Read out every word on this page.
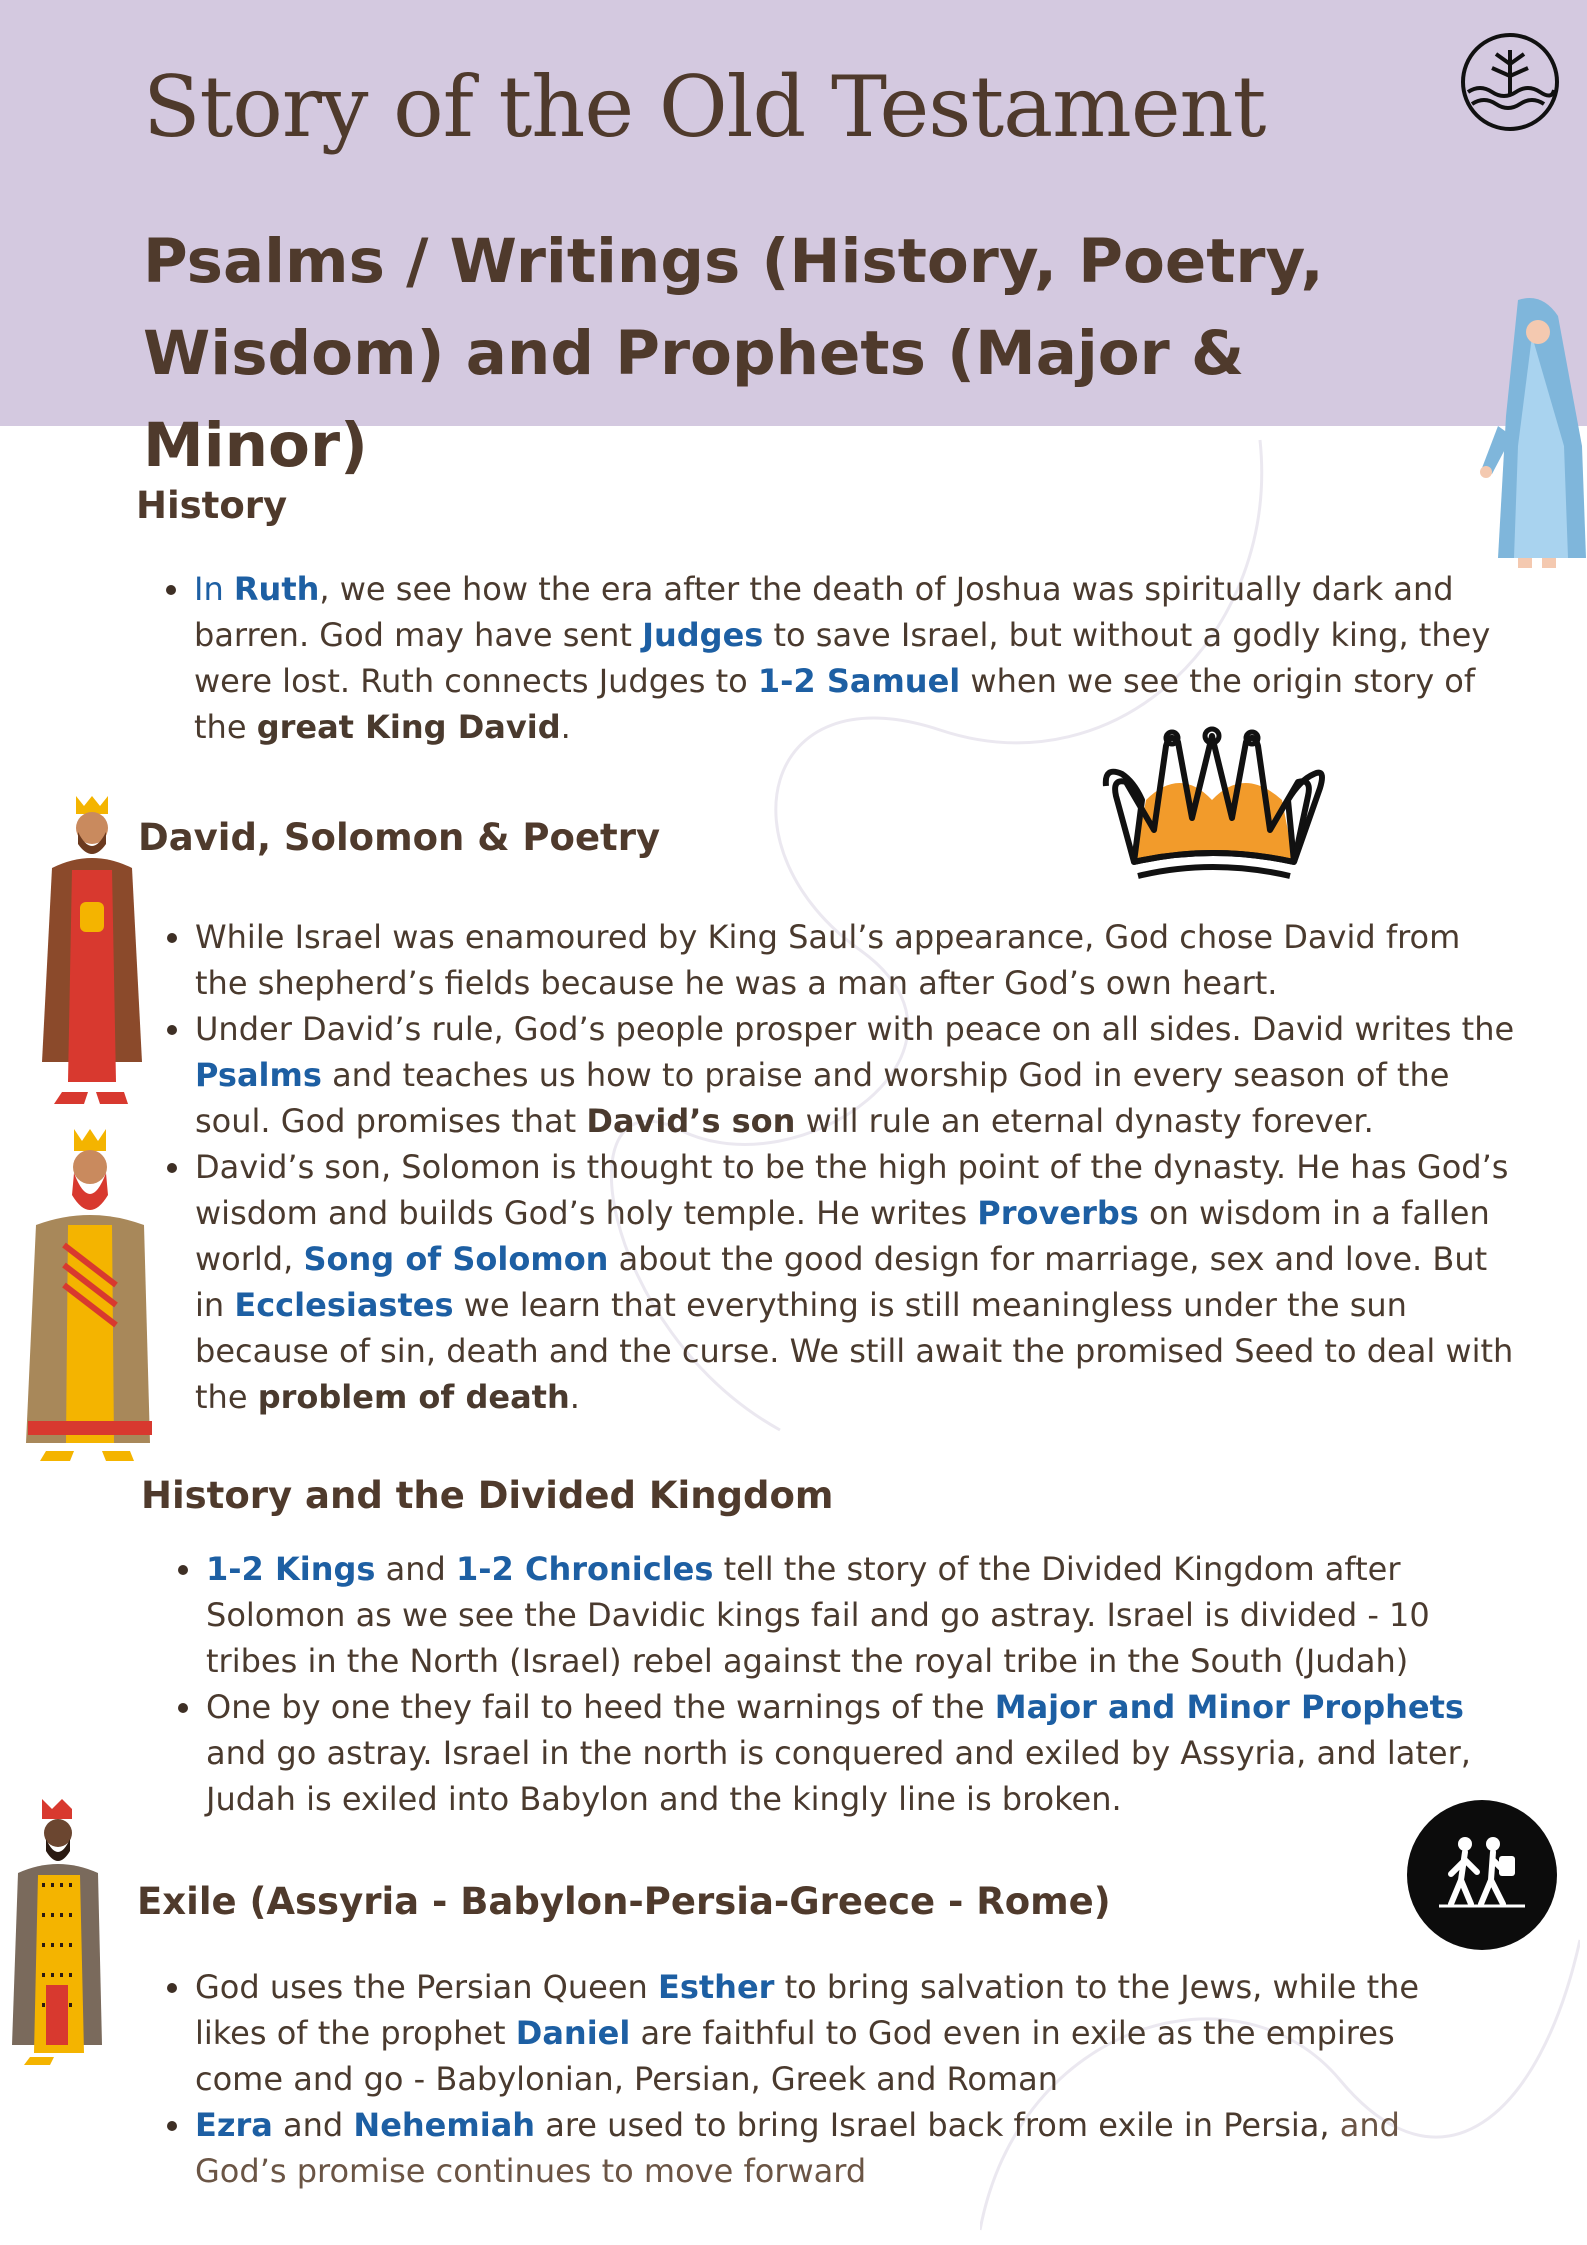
Story of the Old Testament
Psalms / Writings (History, Poetry,
Wisdom) and Prophets (Major & Minor)
History
In Ruth, we see how the era after the death of Joshua was spiritually dark and barren. God may have sent Judges to save Israel, but without a godly king, they were lost. Ruth connects Judges to 1-2 Samuel when we see the origin story of the great King David.
David, Solomon & Poetry
While Israel was enamoured by King Saul’s appearance, God chose David from the shepherd’s fields because he was a man after God’s own heart.
Under David’s rule, God’s people prosper with peace on all sides. David writes the Psalms and teaches us how to praise and worship God in every season of the soul. God promises that David’s son will rule an eternal dynasty forever.
David’s son, Solomon is thought to be the high point of the dynasty. He has God’s wisdom and builds God’s holy temple. He writes Proverbs on wisdom in a fallen world, Song of Solomon about the good design for marriage, sex and love. But in Ecclesiastes we learn that everything is still meaningless under the sun because of sin, death and the curse. We still await the promised Seed to deal with the problem of death.
History and the Divided Kingdom
1-2 Kings and 1-2 Chronicles tell the story of the Divided Kingdom after Solomon as we see the Davidic kings fail and go astray. Israel is divided - 10 tribes in the North (Israel) rebel against the royal tribe in the South (Judah)
One by one they fail to heed the warnings of the Major and Minor Prophets and go astray. Israel in the north is conquered and exiled by Assyria, and later, Judah is exiled into Babylon and the kingly line is broken.
Exile (Assyria - Babylon-Persia-Greece - Rome)
God uses the Persian Queen Esther to bring salvation to the Jews, while the likes of the prophet Daniel are faithful to God even in exile as the empires come and go - Babylonian, Persian, Greek and Roman
Ezra and Nehemiah are used to bring Israel back from exile in Persia, and God’s promise continues to move forward
